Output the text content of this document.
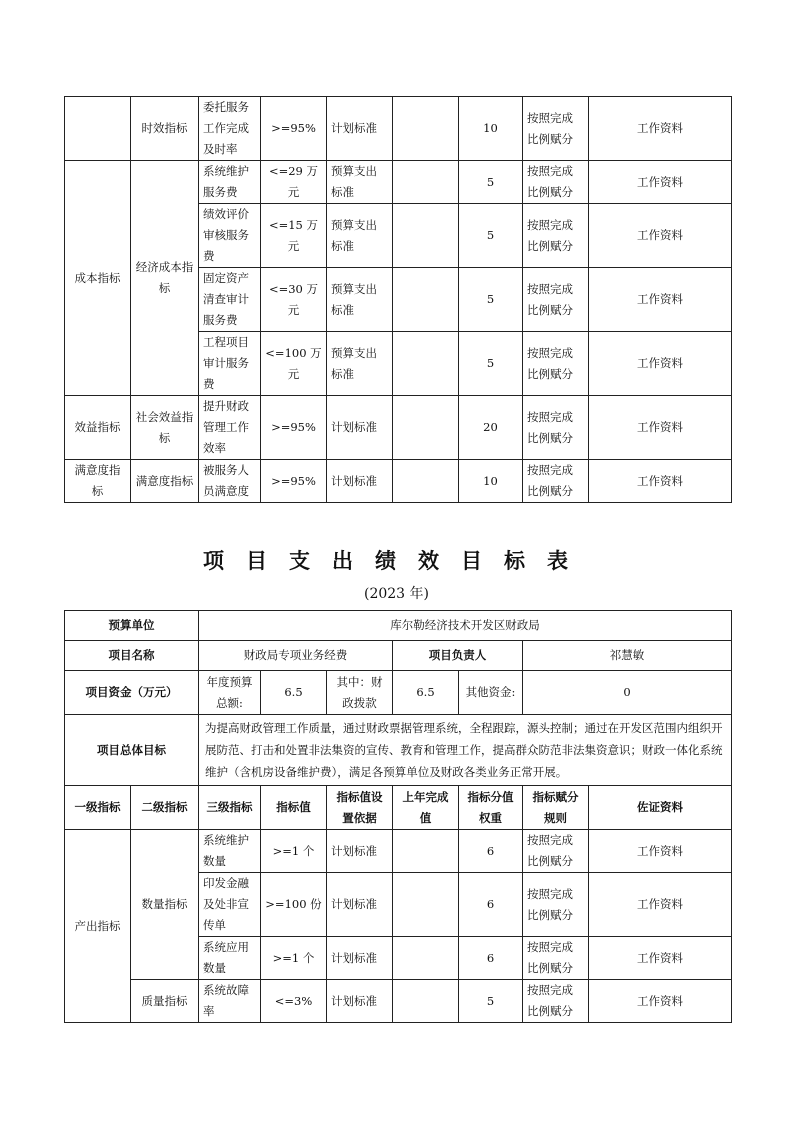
	时效指标	委托服务工作完成及时率	>=95%	计划标准		10	按照完成比例赋分	工作资料
成本指标	经济成本指标	系统维护服务费	<=29 万元	预算支出标准		5	按照完成比例赋分	工作资料
		绩效评价审核服务费	<=15 万元	预算支出标准		5	按照完成比例赋分	工作资料
		固定资产清查审计服务费	<=30 万元	预算支出标准		5	按照完成比例赋分	工作资料
		工程项目审计服务费	<=100 万元	预算支出标准		5	按照完成比例赋分	工作资料
效益指标	社会效益指标	提升财政管理工作效率	>=95%	计划标准		20	按照完成比例赋分	工作资料
满意度指标	满意度指标	被服务人员满意度	>=95%	计划标准		10	按照完成比例赋分	工作资料
项目支出绩效目标表
(2023 年)
预算单位		库尔勒经济技术开发区财政局						
项目名称		财政局专项业务经费			项目负责人		祁慧敏	
项目资金（万元）		年度预算总额:	6.5	其中：财政拨款	6.5	其他资金:	0	
项目总体目标		为提高财政管理工作质量，通过财政票据管理系统，全程跟踪，源头控制；通过在开发区范围内组织开展防范、打击和处置非法集资的宣传、教育和管理工作，提高群众防范非法集资意识；财政一体化系统维护（含机房设备维护费），满足各预算单位及财政各类业务正常开展。						
一级指标	二级指标	三级指标	指标值	指标值设置依据	上年完成值	指标分值权重	指标赋分规则	佐证资料
产出指标	数量指标	系统维护数量	>=1 个	计划标准		6	按照完成比例赋分	工作资料
		印发金融及处非宣传单	>=100 份	计划标准		6	按照完成比例赋分	工作资料
		系统应用数量	>=1 个	计划标准		6	按照完成比例赋分	工作资料
	质量指标	系统故障率	<=3%	计划标准		5	按照完成比例赋分	工作资料
